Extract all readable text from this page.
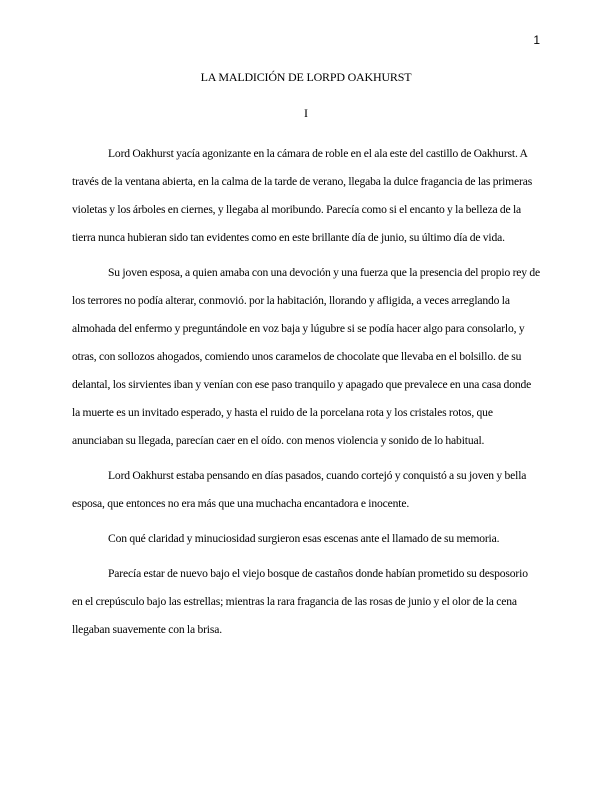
1
LA MALDICIÓN DE LORPD OAKHURST
I

Lord Oakhurst yacía agonizante en la cámara de roble en el ala este del castillo de Oakhurst. A través de la ventana abierta, en la calma de la tarde de verano, llegaba la dulce fragancia de las primeras violetas y los árboles en ciernes, y llegaba al moribundo. Parecía como si el encanto y la belleza de la tierra nunca hubieran sido tan evidentes como en este brillante día de junio, su último día de vida.

Su joven esposa, a quien amaba con una devoción y una fuerza que la presencia del propio rey de los terrores no podía alterar, conmovió. por la habitación, llorando y afligida, a veces arreglando la almohada del enfermo y preguntándole en voz baja y lúgubre si se podía hacer algo para consolarlo, y otras, con sollozos ahogados, comiendo unos caramelos de chocolate que llevaba en el bolsillo. de su delantal, los sirvientes iban y venían con ese paso tranquilo y apagado que prevalece en una casa donde la muerte es un invitado esperado, y hasta el ruido de la porcelana rota y los cristales rotos, que anunciaban su llegada, parecían caer en el oído. con menos violencia y sonido de lo habitual.

Lord Oakhurst estaba pensando en días pasados, cuando cortejó y conquistó a su joven y bella esposa, que entonces no era más que una muchacha encantadora e inocente.

Con qué claridad y minuciosidad surgieron esas escenas ante el llamado de su memoria.

Parecía estar de nuevo bajo el viejo bosque de castaños donde habían prometido su desposorio en el crepúsculo bajo las estrellas; mientras la rara fragancia de las rosas de junio y el olor de la cena llegaban suavemente con la brisa.
